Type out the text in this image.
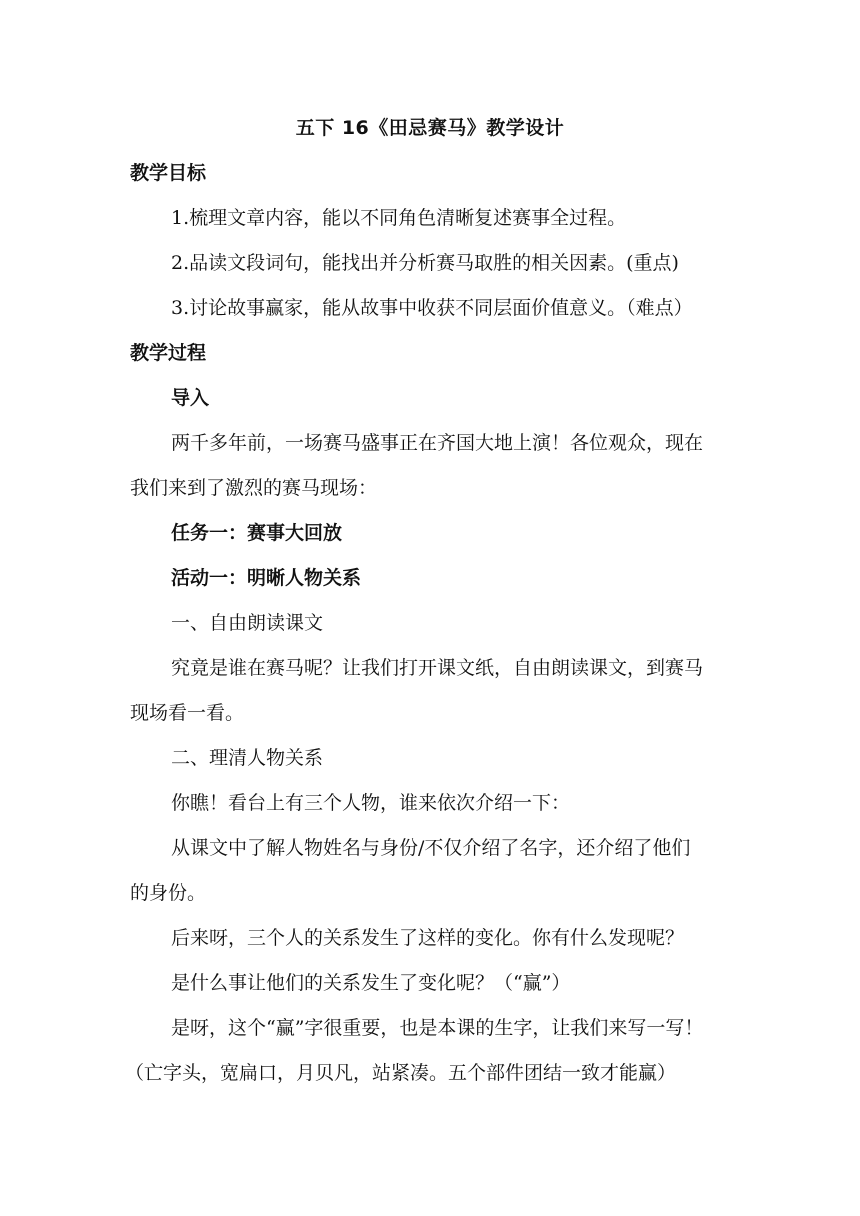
五下 16《田忌赛马》教学设计
教学目标
1.梳理文章内容，能以不同角色清晰复述赛事全过程。
2.品读文段词句，能找出并分析赛马取胜的相关因素。(重点)
3.讨论故事赢家，能从故事中收获不同层面价值意义。（难点）
教学过程
导入
两千多年前，一场赛马盛事正在齐国大地上演！各位观众，现在
我们来到了激烈的赛马现场：
任务一：赛事大回放
活动一：明晰人物关系
一、自由朗读课文
究竟是谁在赛马呢？让我们打开课文纸，自由朗读课文，到赛马
现场看一看。
二、理清人物关系
你瞧！看台上有三个人物，谁来依次介绍一下：
从课文中了解人物姓名与身份/不仅介绍了名字，还介绍了他们
的身份。
后来呀，三个人的关系发生了这样的变化。你有什么发现呢？
是什么事让他们的关系发生了变化呢？（“赢”）
是呀，这个“赢”字很重要，也是本课的生字，让我们来写一写！
（亡字头，宽扁口，月贝凡，站紧凑。五个部件团结一致才能赢）
